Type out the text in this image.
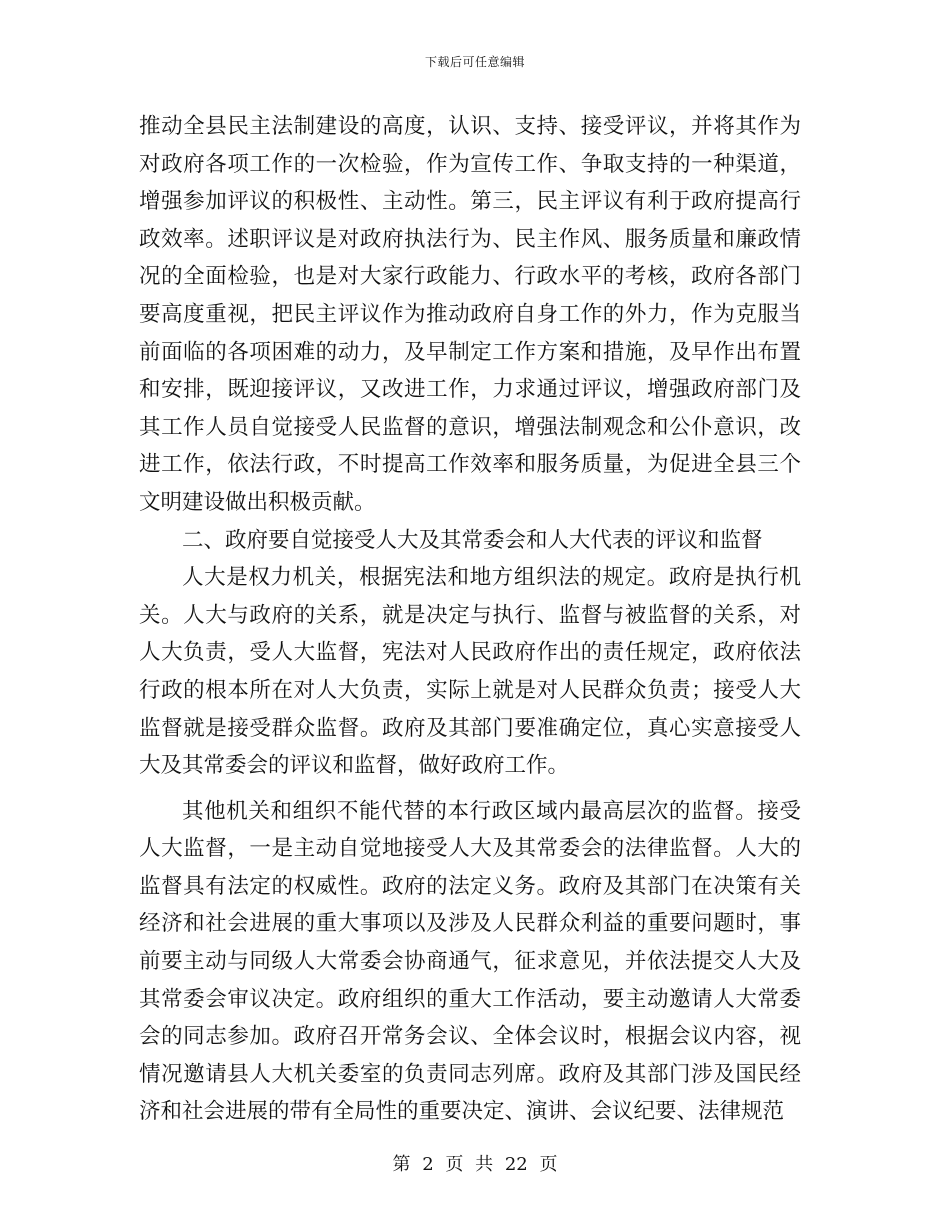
下载后可任意编辑

推动全县民主法制建设的高度，认识、支持、接受评议，并将其作为对政府各项工作的一次检验，作为宣传工作、争取支持的一种渠道，增强参加评议的积极性、主动性。第三，民主评议有利于政府提高行政效率。述职评议是对政府执法行为、民主作风、服务质量和廉政情况的全面检验，也是对大家行政能力、行政水平的考核，政府各部门要高度重视，把民主评议作为推动政府自身工作的外力，作为克服当前面临的各项困难的动力，及早制定工作方案和措施，及早作出布置和安排，既迎接评议，又改进工作，力求通过评议，增强政府部门及其工作人员自觉接受人民监督的意识，增强法制观念和公仆意识，改进工作，依法行政，不时提高工作效率和服务质量，为促进全县三个文明建设做出积极贡献。

二、政府要自觉接受人大及其常委会和人大代表的评议和监督

人大是权力机关，根据宪法和地方组织法的规定。政府是执行机关。人大与政府的关系，就是决定与执行、监督与被监督的关系，对人大负责，受人大监督，宪法对人民政府作出的责任规定，政府依法行政的根本所在对人大负责，实际上就是对人民群众负责；接受人大监督就是接受群众监督。政府及其部门要准确定位，真心实意接受人大及其常委会的评议和监督，做好政府工作。

其他机关和组织不能代替的本行政区域内最高层次的监督。接受人大监督，一是主动自觉地接受人大及其常委会的法律监督。人大的监督具有法定的权威性。政府的法定义务。政府及其部门在决策有关经济和社会进展的重大事项以及涉及人民群众利益的重要问题时，事前要主动与同级人大常委会协商通气，征求意见，并依法提交人大及其常委会审议决定。政府组织的重大工作活动，要主动邀请人大常委会的同志参加。政府召开常务会议、全体会议时，根据会议内容，视情况邀请县人大机关委室的负责同志列席。政府及其部门涉及国民经济和社会进展的带有全局性的重要决定、演讲、会议纪要、法律规范

第 2 页 共 22 页
